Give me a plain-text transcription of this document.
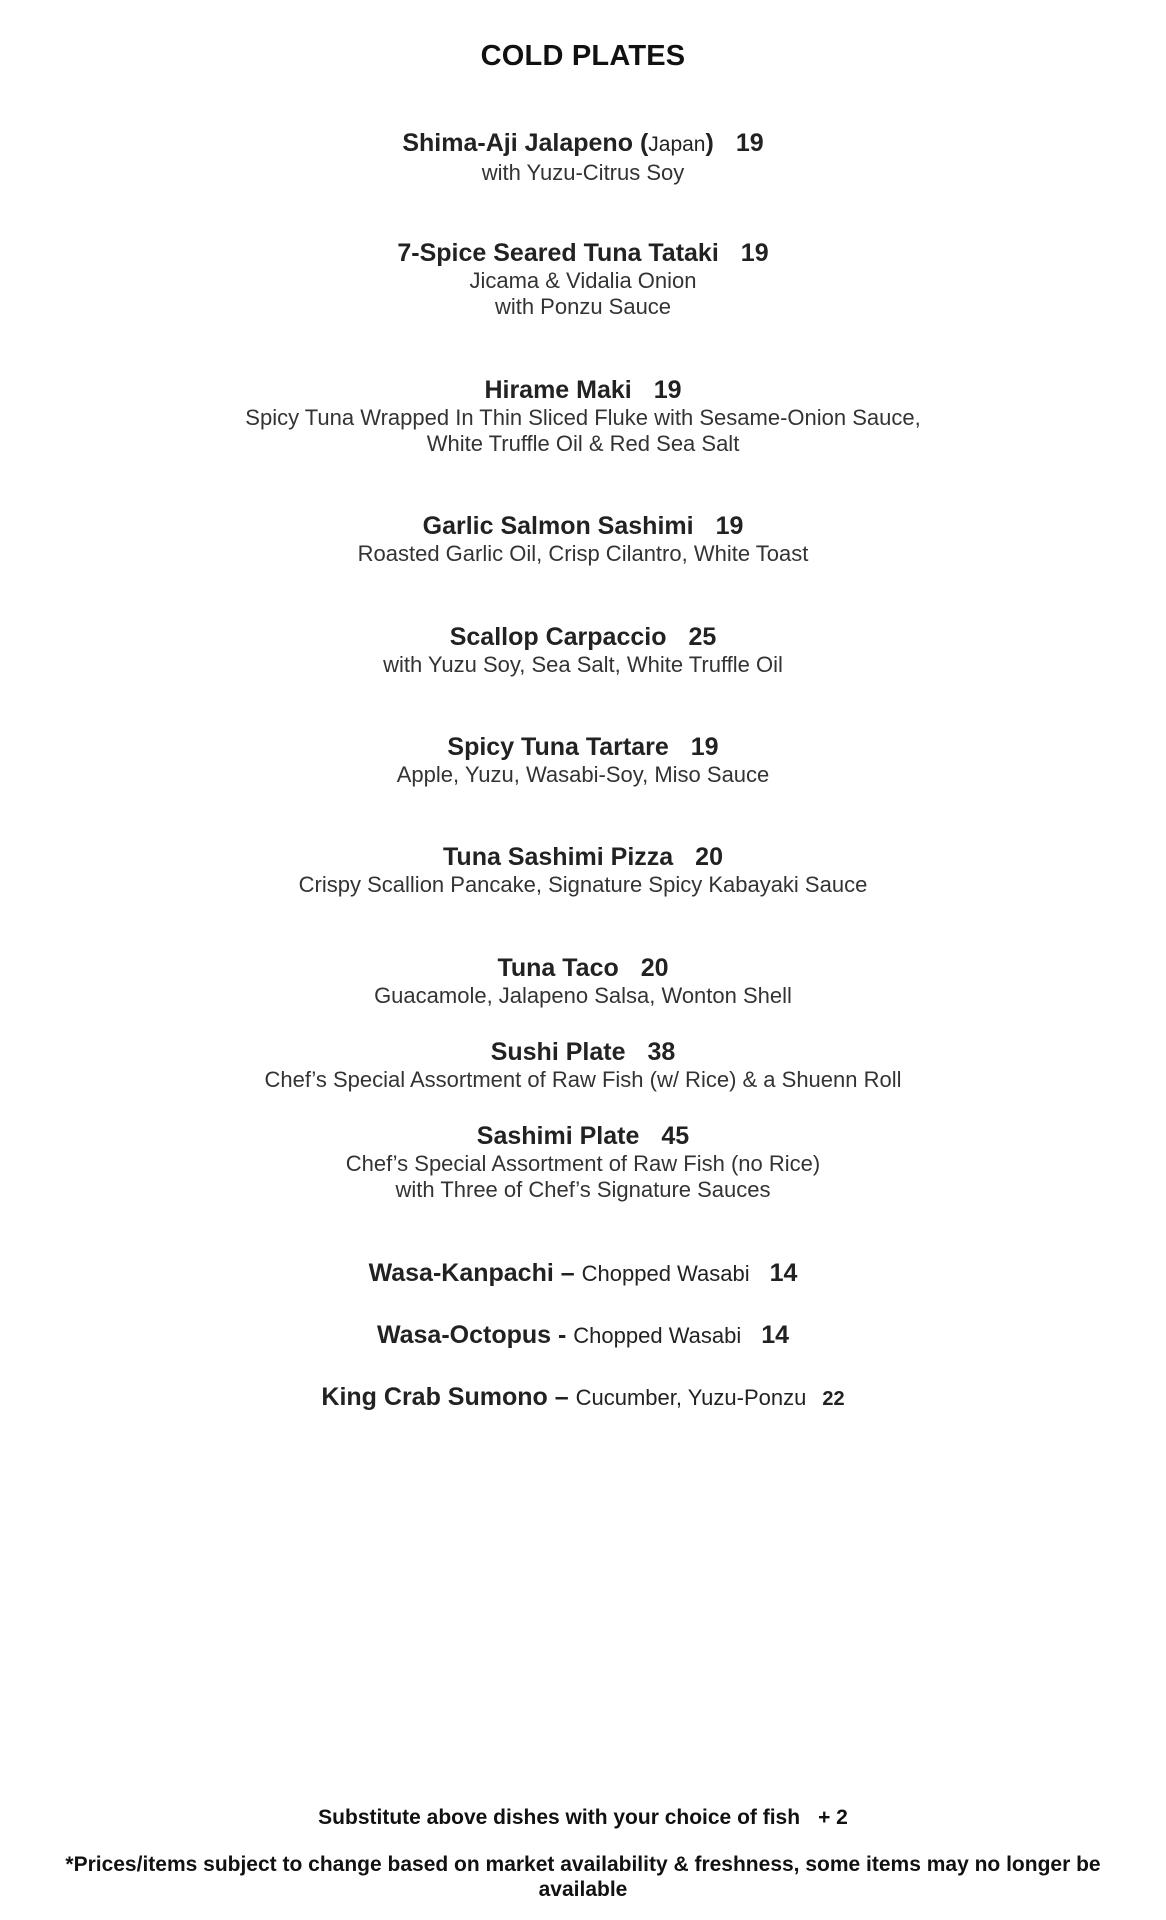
COLD PLATES
Shima-Aji Jalapeno (Japan) 19
with Yuzu-Citrus Soy
7-Spice Seared Tuna Tataki 19
Jicama & Vidalia Onion
with Ponzu Sauce
Hirame Maki 19
Spicy Tuna Wrapped In Thin Sliced Fluke with Sesame-Onion Sauce,
White Truffle Oil & Red Sea Salt
Garlic Salmon Sashimi 19
Roasted Garlic Oil, Crisp Cilantro, White Toast
Scallop Carpaccio 25
with Yuzu Soy, Sea Salt, White Truffle Oil
Spicy Tuna Tartare 19
Apple, Yuzu, Wasabi-Soy, Miso Sauce
Tuna Sashimi Pizza 20
Crispy Scallion Pancake, Signature Spicy Kabayaki Sauce
Tuna Taco 20
Guacamole, Jalapeno Salsa, Wonton Shell
Sushi Plate 38
Chef’s Special Assortment of Raw Fish (w/ Rice) & a Shuenn Roll
Sashimi Plate 45
Chef’s Special Assortment of Raw Fish (no Rice)
with Three of Chef’s Signature Sauces
Wasa-Kanpachi – Chopped Wasabi 14
Wasa-Octopus - Chopped Wasabi 14
King Crab Sumono – Cucumber, Yuzu-Ponzu 22
Substitute above dishes with your choice of fish + 2
*Prices/items subject to change based on market availability & freshness, some items may no longer be available
